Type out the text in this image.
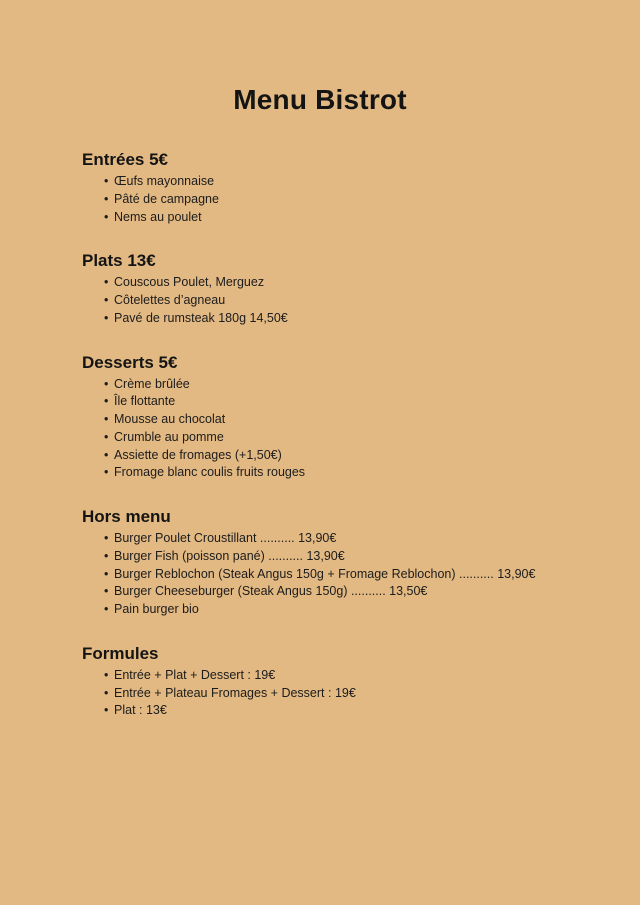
Menu Bistrot
Entrées 5€
• Œufs mayonnaise
• Pâté de campagne
• Nems au poulet
Plats 13€
• Couscous Poulet, Merguez
• Côtelettes d’agneau
• Pavé de rumsteak 180g 14,50€
Desserts 5€
• Crème brûlée
• Île flottante
• Mousse au chocolat
• Crumble au pomme
• Assiette de fromages (+1,50€)
• Fromage blanc coulis fruits rouges
Hors menu
• Burger Poulet Croustillant .......... 13,90€
• Burger Fish (poisson pané) .......... 13,90€
• Burger Reblochon (Steak Angus 150g + Fromage Reblochon) .......... 13,90€
• Burger Cheeseburger (Steak Angus 150g) .......... 13,50€
• Pain burger bio
Formules
• Entrée + Plat + Dessert : 19€
• Entrée + Plateau Fromages + Dessert : 19€
• Plat : 13€
